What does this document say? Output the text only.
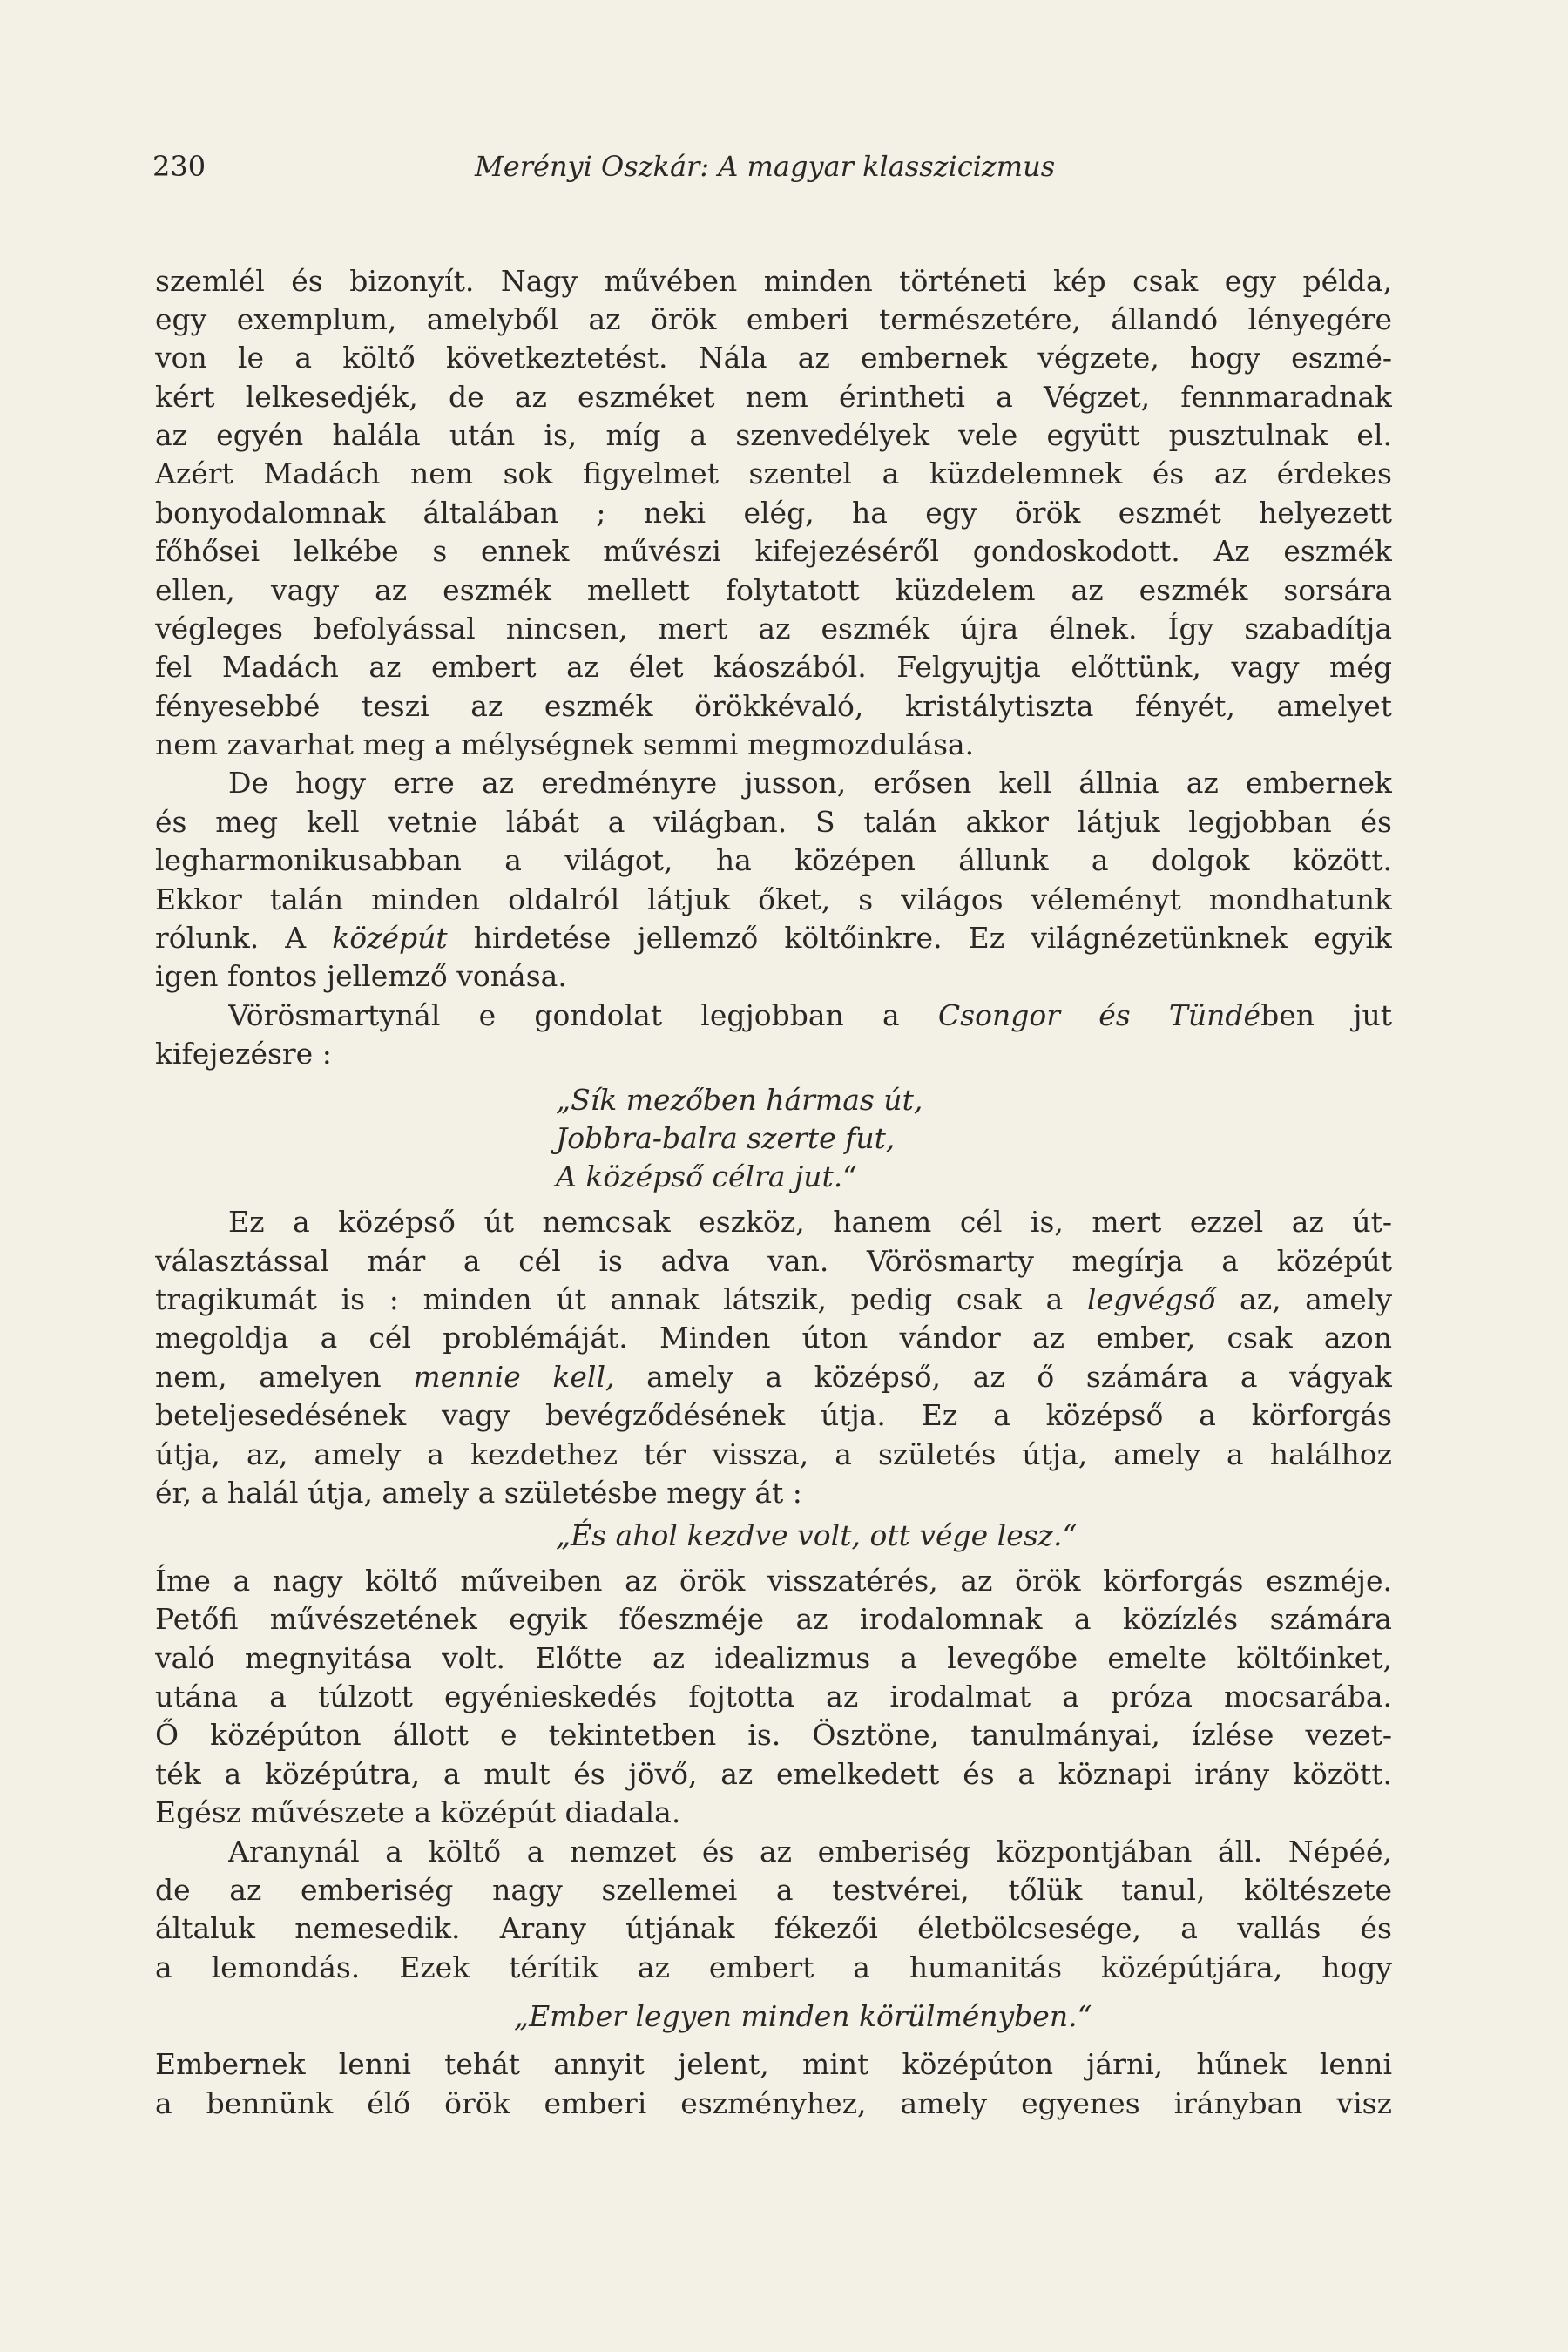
230	Merényi Oszkár: A magyar klasszicizmus
szemlél és bizonyít. Nagy művében minden történeti kép csak egy példa,
egy exemplum, amelyből az örök emberi természetére, állandó lényegére
von le a költő következtetést. Nála az embernek végzete, hogy eszmé-
kért lelkesedjék, de az eszméket nem érintheti a Végzet, fennmaradnak
az egyén halála után is, míg a szenvedélyek vele együtt pusztulnak el.
Azért Madách nem sok figyelmet szentel a küzdelemnek és az érdekes
bonyodalomnak általában ; neki elég, ha egy örök eszmét helyezett
főhősei lelkébe s ennek művészi kifejezéséről gondoskodott. Az eszmék
ellen, vagy az eszmék mellett folytatott küzdelem az eszmék sorsára
végleges befolyással nincsen, mert az eszmék újra élnek. Így szabadítja
fel Madách az embert az élet káoszából. Felgyujtja előttünk, vagy még
fényesebbé teszi az eszmék örökkévaló, kristálytiszta fényét, amelyet
nem zavarhat meg a mélységnek semmi megmozdulása.
De hogy erre az eredményre jusson, erősen kell állnia az embernek
és meg kell vetnie lábát a világban. S talán akkor látjuk legjobban és
legharmonikusabban a világot, ha középen állunk a dolgok között.
Ekkor talán minden oldalról látjuk őket, s világos véleményt mondhatunk
rólunk. A középút hirdetése jellemző költőinkre. Ez világnézetünknek egyik
igen fontos jellemző vonása.
Vörösmartynál e gondolat legjobban a Csongor és Tündében jut
kifejezésre :
„Sík mezőben hármas út,
Jobbra-balra szerte fut,
A középső célra jut.“
Ez a középső út nemcsak eszköz, hanem cél is, mert ezzel az út-
választással már a cél is adva van. Vörösmarty megírja a középút
tragikumát is : minden út annak látszik, pedig csak a legvégső az, amely
megoldja a cél problémáját. Minden úton vándor az ember, csak azon
nem, amelyen mennie kell, amely a középső, az ő számára a vágyak
beteljesedésének vagy bevégződésének útja. Ez a középső a körforgás
útja, az, amely a kezdethez tér vissza, a születés útja, amely a halálhoz
ér, a halál útja, amely a születésbe megy át :
„És ahol kezdve volt, ott vége lesz.“
Íme a nagy költő műveiben az örök visszatérés, az örök körforgás eszméje.
Petőfi művészetének egyik főeszméje az irodalomnak a közízlés számára
való megnyitása volt. Előtte az idealizmus a levegőbe emelte költőinket,
utána a túlzott egyénieskedés fojtotta az irodalmat a próza mocsarába.
Ő középúton állott e tekintetben is. Ösztöne, tanulmányai, ízlése vezet-
ték a középútra, a mult és jövő, az emelkedett és a köznapi irány között.
Egész művészete a középút diadala.
Aranynál a költő a nemzet és az emberiség központjában áll. Népéé,
de az emberiség nagy szellemei a testvérei, tőlük tanul, költészete
általuk nemesedik. Arany útjának fékezői életbölcsesége, a vallás és
a lemondás. Ezek térítik az embert a humanitás középútjára, hogy
„Ember legyen minden körülményben.“
Embernek lenni tehát annyit jelent, mint középúton járni, hűnek lenni
a bennünk élő örök emberi eszményhez, amely egyenes irányban visz
